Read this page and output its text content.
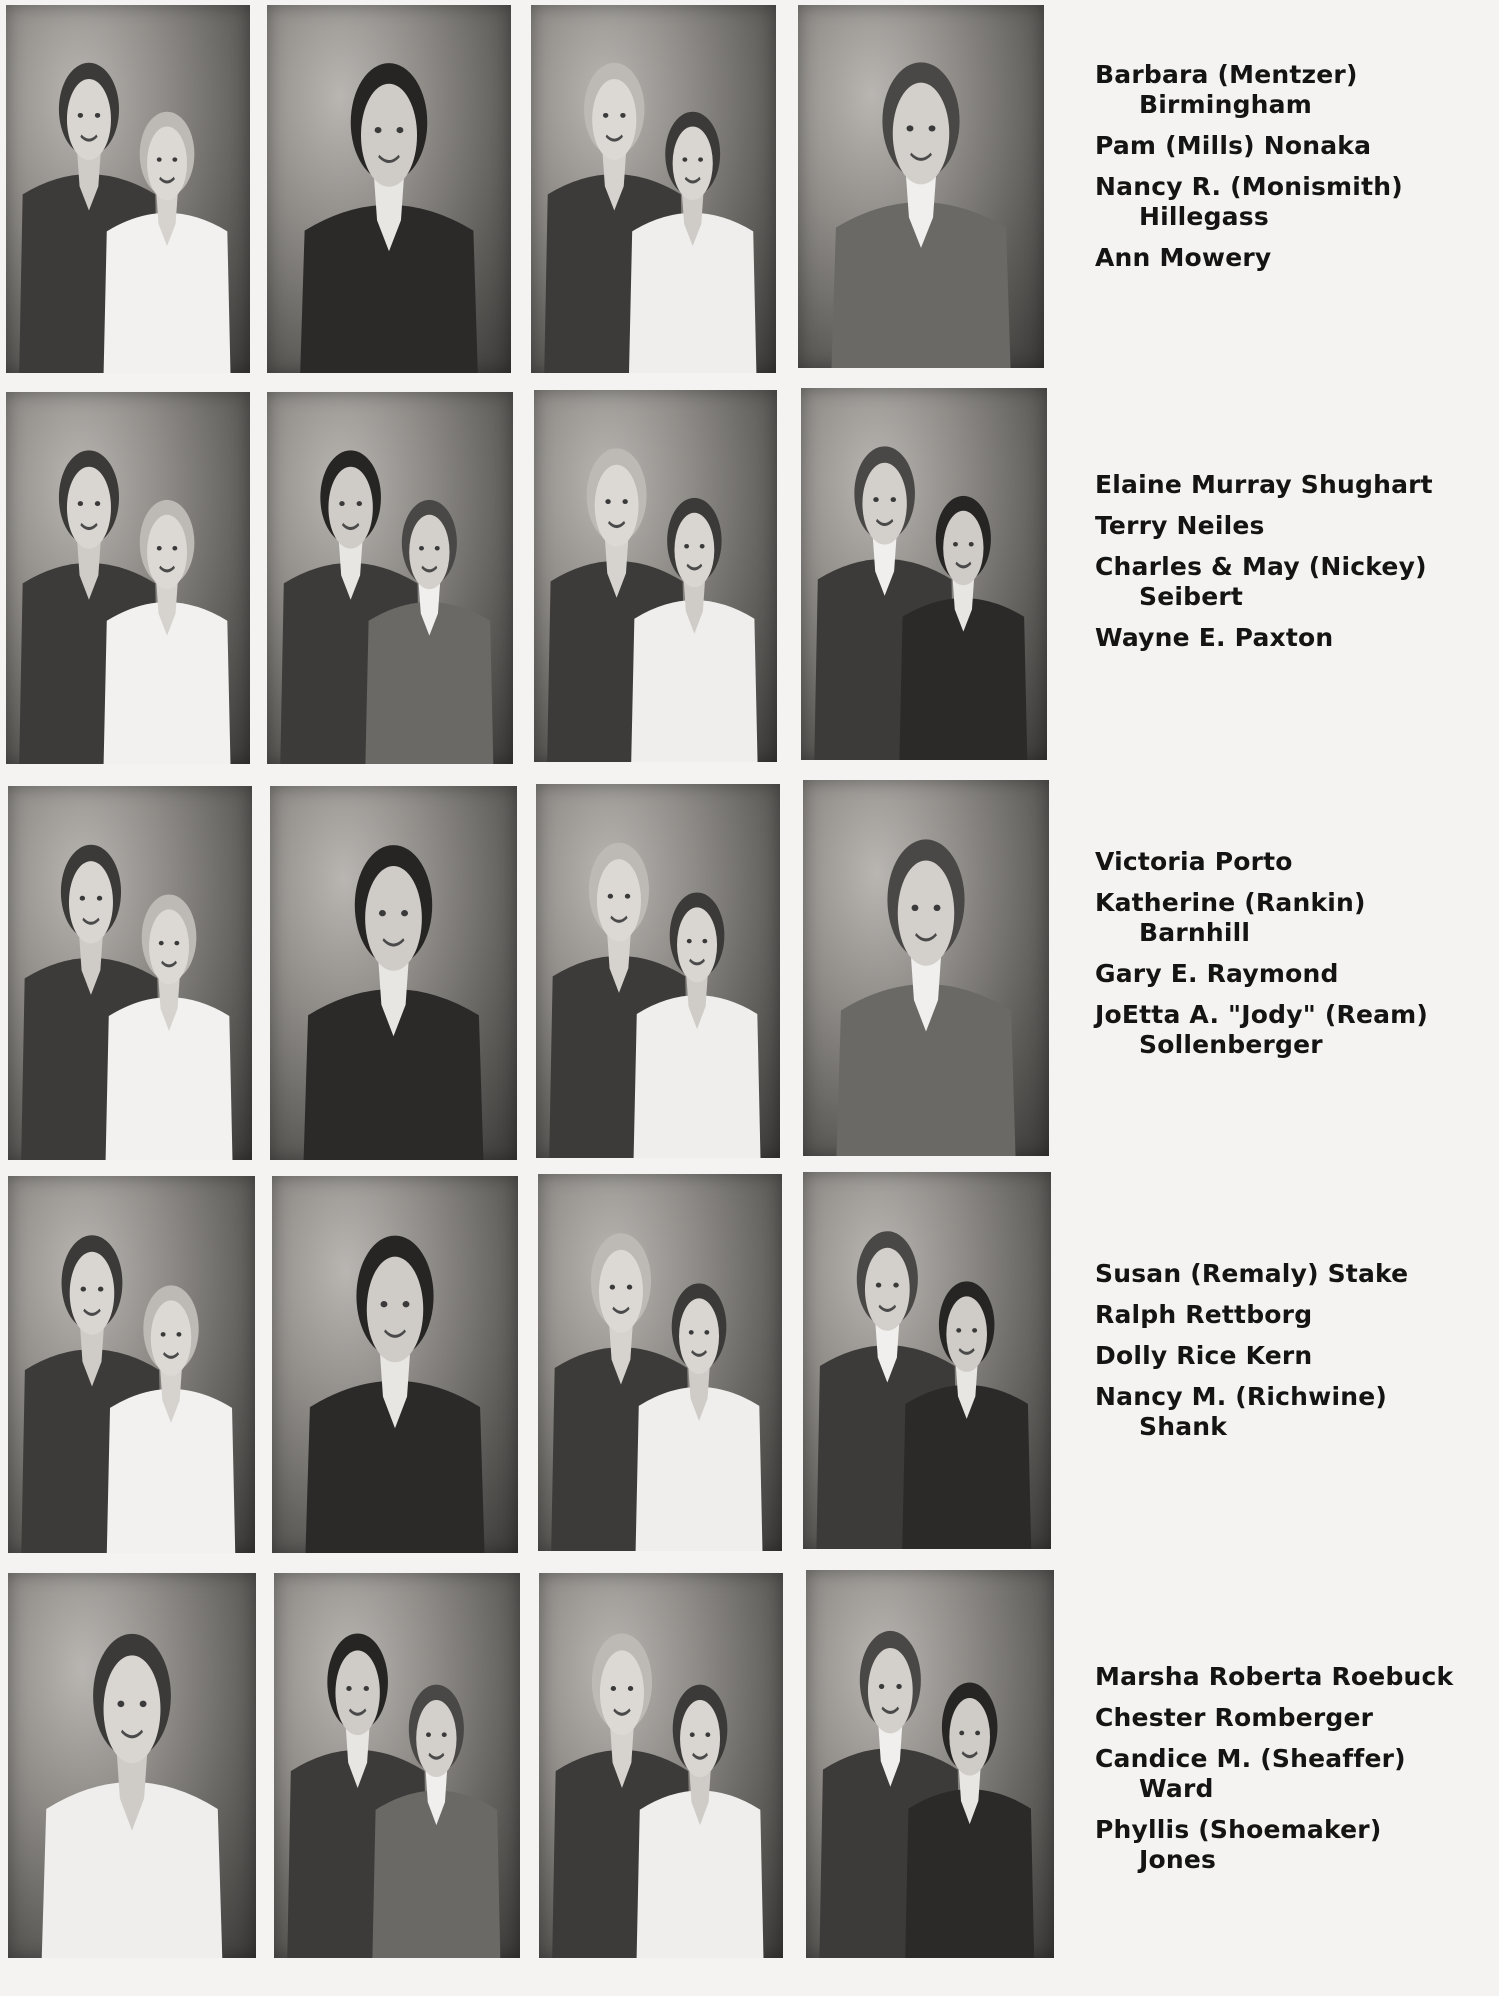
Barbara (Mentzer)
Birmingham
Pam (Mills) Nonaka
Nancy R. (Monismith)
Hillegass
Ann Mowery
Elaine Murray Shughart
Terry Neiles
Charles & May (Nickey)
Seibert
Wayne E. Paxton
Victoria Porto
Katherine (Rankin)
Barnhill
Gary E. Raymond
JoEtta A. "Jody" (Ream)
Sollenberger
Susan (Remaly) Stake
Ralph Rettborg
Dolly Rice Kern
Nancy M. (Richwine)
Shank
Marsha Roberta Roebuck
Chester Romberger
Candice M. (Sheaffer)
Ward
Phyllis (Shoemaker)
Jones
